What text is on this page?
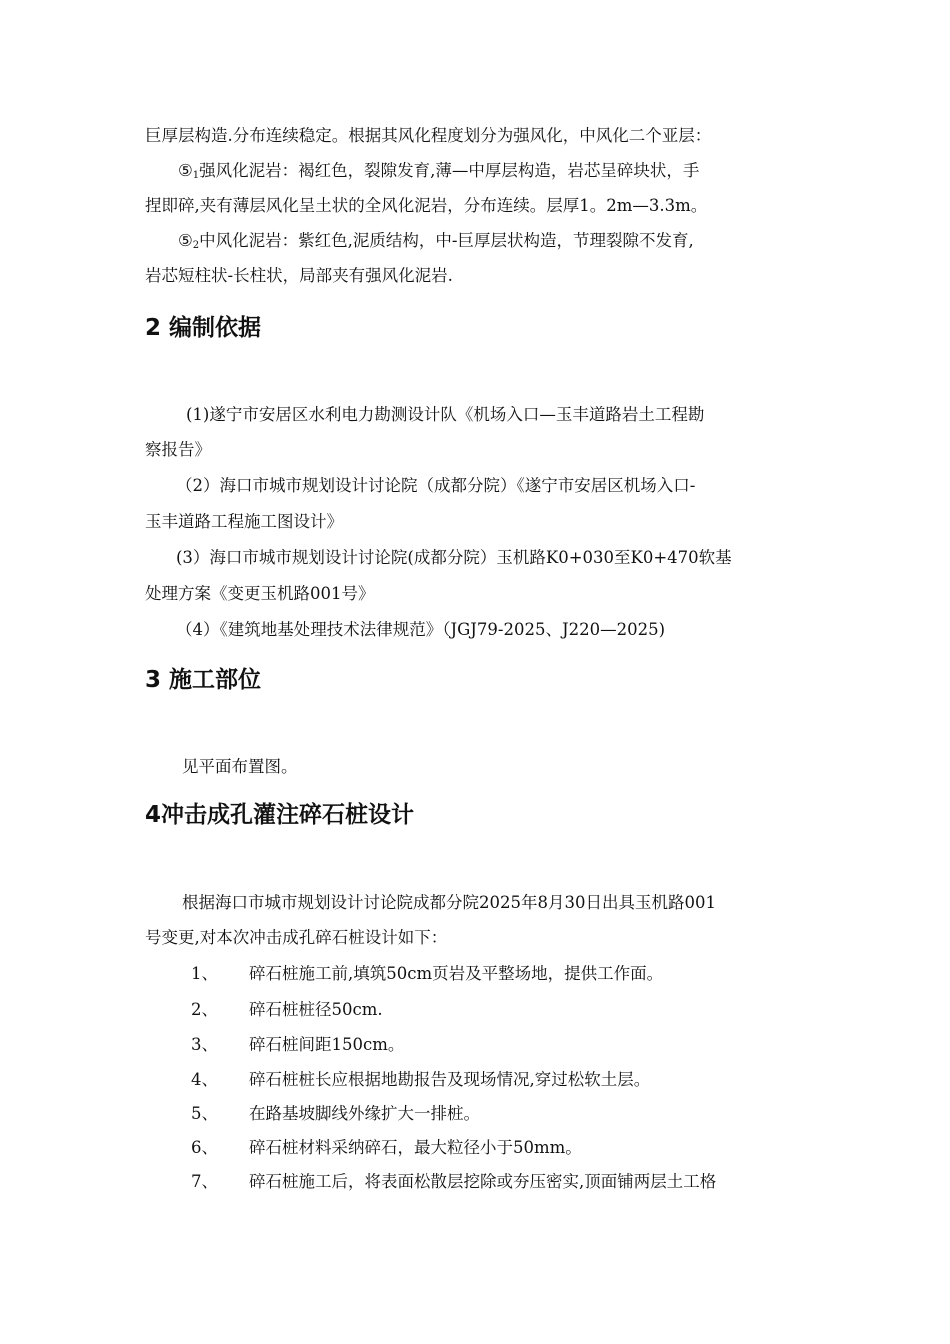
巨厚层构造.分布连续稳定。根据其风化程度划分为强风化，中风化二个亚层：
$⑤_1$强风化泥岩：褐红色，裂隙发育,薄—中厚层构造，岩芯呈碎块状，手
捏即碎,夹有薄层风化呈土状的全风化泥岩，分布连续。层厚1。2m—3.3m。
$⑤_2$中风化泥岩：紫红色,泥质结构，中-巨厚层状构造，节理裂隙不发育,
岩芯短柱状-长柱状，局部夹有强风化泥岩.
2 编制依据
(1)遂宁市安居区水利电力勘测设计队《机场入口—玉丰道路岩土工程勘
察报告》
（2）海口市城市规划设计讨论院（成都分院）《遂宁市安居区机场入口-
玉丰道路工程施工图设计》
(3）海口市城市规划设计讨论院(成都分院）玉机路K0+030至K0+470软基
处理方案《变更玉机路001号》
（4）《建筑地基处理技术法律规范》（JGJ79-2025、J220—2025)
3 施工部位
见平面布置图。
4冲击成孔灌注碎石桩设计
根据海口市城市规划设计讨论院成都分院2025年8月30日出具玉机路001
号变更,对本次冲击成孔碎石桩设计如下：
1、 碎石桩施工前,填筑50cm页岩及平整场地，提供工作面。
2、 碎石桩桩径50cm.
3、 碎石桩间距150cm。
4、 碎石桩桩长应根据地勘报告及现场情况,穿过松软土层。
5、 在路基坡脚线外缘扩大一排桩。
6、 碎石桩材料采纳碎石，最大粒径小于50mm。
7、 碎石桩施工后，将表面松散层挖除或夯压密实,顶面铺两层土工格
